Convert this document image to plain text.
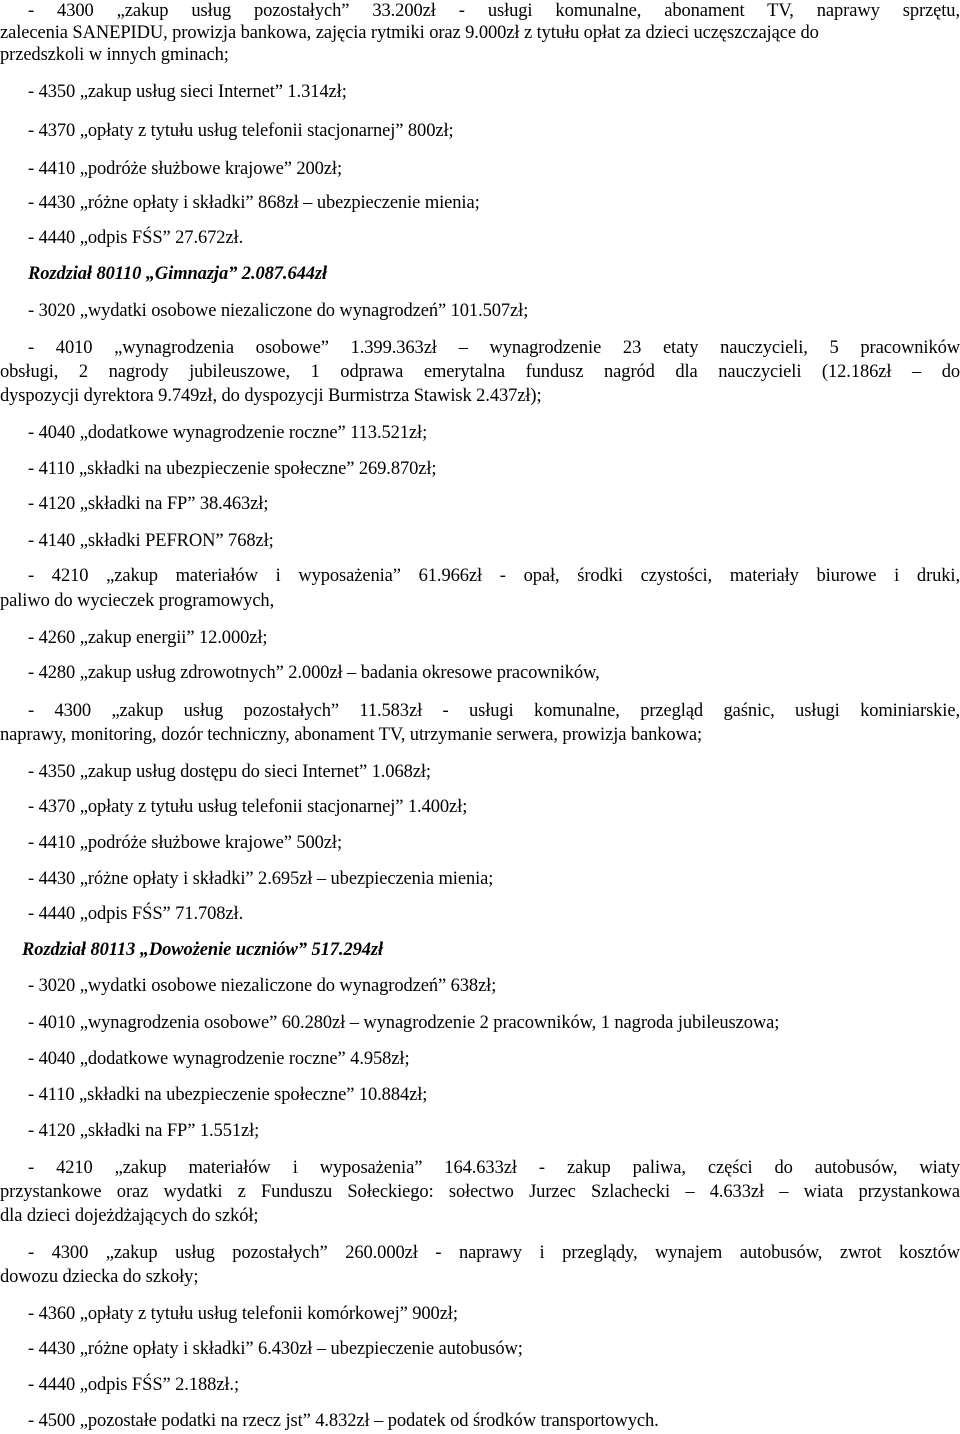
- 4300 „zakup usług pozostałych” 33.200zł - usługi komunalne, abonament TV, naprawy sprzętu,
zalecenia SANEPIDU, prowizja bankowa, zajęcia rytmiki oraz 9.000zł z tytułu opłat za dzieci uczęszczające do
przedszkoli w innych gminach;
- 4350 „zakup usług sieci Internet” 1.314zł;
- 4370 „opłaty z tytułu usług telefonii stacjonarnej” 800zł;
- 4410 „podróże służbowe krajowe” 200zł;
- 4430 „różne opłaty i składki” 868zł – ubezpieczenie mienia;
- 4440 „odpis FŚS” 27.672zł.
Rozdział 80110 „Gimnazja” 2.087.644zł
- 3020 „wydatki osobowe niezaliczone do wynagrodzeń” 101.507zł;
- 4010 „wynagrodzenia osobowe” 1.399.363zł – wynagrodzenie 23 etaty nauczycieli, 5 pracowników
obsługi, 2 nagrody jubileuszowe, 1 odprawa emerytalna fundusz nagród dla nauczycieli (12.186zł – do
dyspozycji dyrektora 9.749zł, do dyspozycji Burmistrza Stawisk 2.437zł);
- 4040 „dodatkowe wynagrodzenie roczne” 113.521zł;
- 4110 „składki na ubezpieczenie społeczne” 269.870zł;
- 4120 „składki na FP” 38.463zł;
- 4140 „składki PEFRON” 768zł;
- 4210 „zakup materiałów i wyposażenia” 61.966zł - opał, środki czystości, materiały biurowe i druki,
paliwo do wycieczek programowych,
- 4260 „zakup energii” 12.000zł;
- 4280 „zakup usług zdrowotnych” 2.000zł – badania okresowe pracowników,
- 4300 „zakup usług pozostałych” 11.583zł - usługi komunalne, przegląd gaśnic, usługi kominiarskie,
naprawy, monitoring, dozór techniczny, abonament TV, utrzymanie serwera, prowizja bankowa;
- 4350 „zakup usług dostępu do sieci Internet” 1.068zł;
- 4370 „opłaty z tytułu usług telefonii stacjonarnej” 1.400zł;
- 4410 „podróże służbowe krajowe” 500zł;
- 4430 „różne opłaty i składki” 2.695zł – ubezpieczenia mienia;
- 4440 „odpis FŚS” 71.708zł.
Rozdział 80113 „Dowożenie uczniów” 517.294zł
- 3020 „wydatki osobowe niezaliczone do wynagrodzeń” 638zł;
- 4010 „wynagrodzenia osobowe” 60.280zł – wynagrodzenie 2 pracowników, 1 nagroda jubileuszowa;
- 4040 „dodatkowe wynagrodzenie roczne” 4.958zł;
- 4110 „składki na ubezpieczenie społeczne” 10.884zł;
- 4120 „składki na FP” 1.551zł;
- 4210 „zakup materiałów i wyposażenia” 164.633zł - zakup paliwa, części do autobusów, wiaty
przystankowe oraz wydatki z Funduszu Sołeckiego: sołectwo Jurzec Szlachecki – 4.633zł – wiata przystankowa
dla dzieci dojeżdżających do szkół;
- 4300 „zakup usług pozostałych” 260.000zł - naprawy i przeglądy, wynajem autobusów, zwrot kosztów
dowozu dziecka do szkoły;
- 4360 „opłaty z tytułu usług telefonii komórkowej” 900zł;
- 4430 „różne opłaty i składki” 6.430zł – ubezpieczenie autobusów;
- 4440 „odpis FŚS” 2.188zł.;
- 4500 „pozostałe podatki na rzecz jst” 4.832zł – podatek od środków transportowych.
